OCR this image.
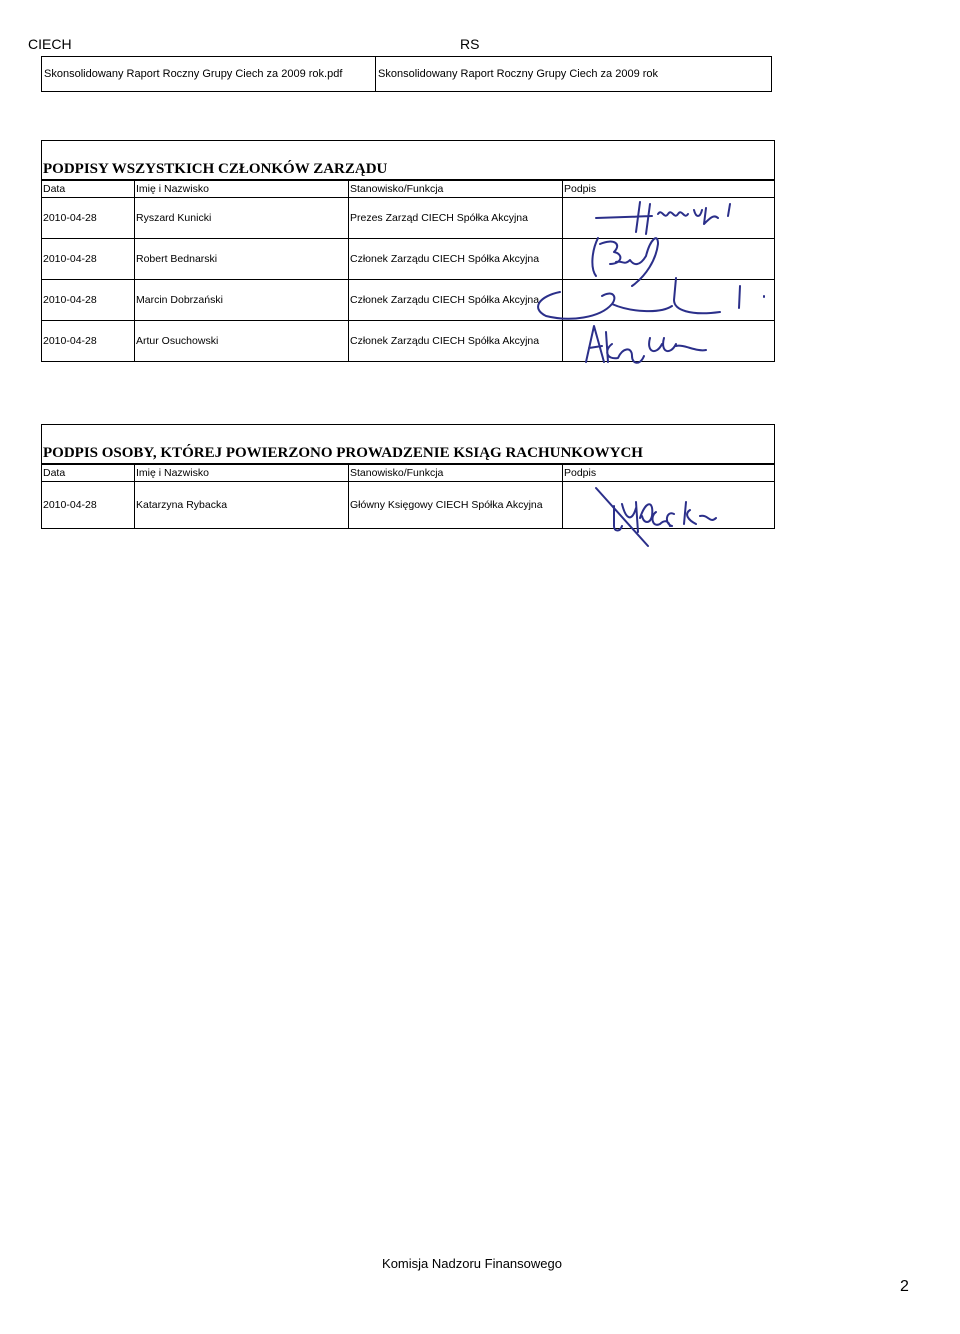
CIECH	RS
Skonsolidowany Raport Roczny Grupy Ciech za 2009 rok.pdf	Skonsolidowany Raport Roczny Grupy Ciech za 2009 rok
PODPISY WSZYSTKICH CZŁONKÓW ZARZĄDU			
Data	Imię i Nazwisko	Stanowisko/Funkcja	Podpis
2010-04-28	Ryszard Kunicki	Prezes Zarząd CIECH Spółka Akcyjna	
2010-04-28	Robert Bednarski	Członek Zarządu CIECH Spółka Akcyjna	
2010-04-28	Marcin Dobrzański	Członek Zarządu CIECH Spółka Akcyjna	
2010-04-28	Artur Osuchowski	Członek Zarządu CIECH Spółka Akcyjna	
PODPIS OSOBY, KTÓREJ POWIERZONO PROWADZENIE KSIĄG RACHUNKOWYCH			
Data	Imię i Nazwisko	Stanowisko/Funkcja	Podpis
2010-04-28	Katarzyna Rybacka	Główny Księgowy CIECH Spółka Akcyjna	
Komisja Nadzoru Finansowego
2
